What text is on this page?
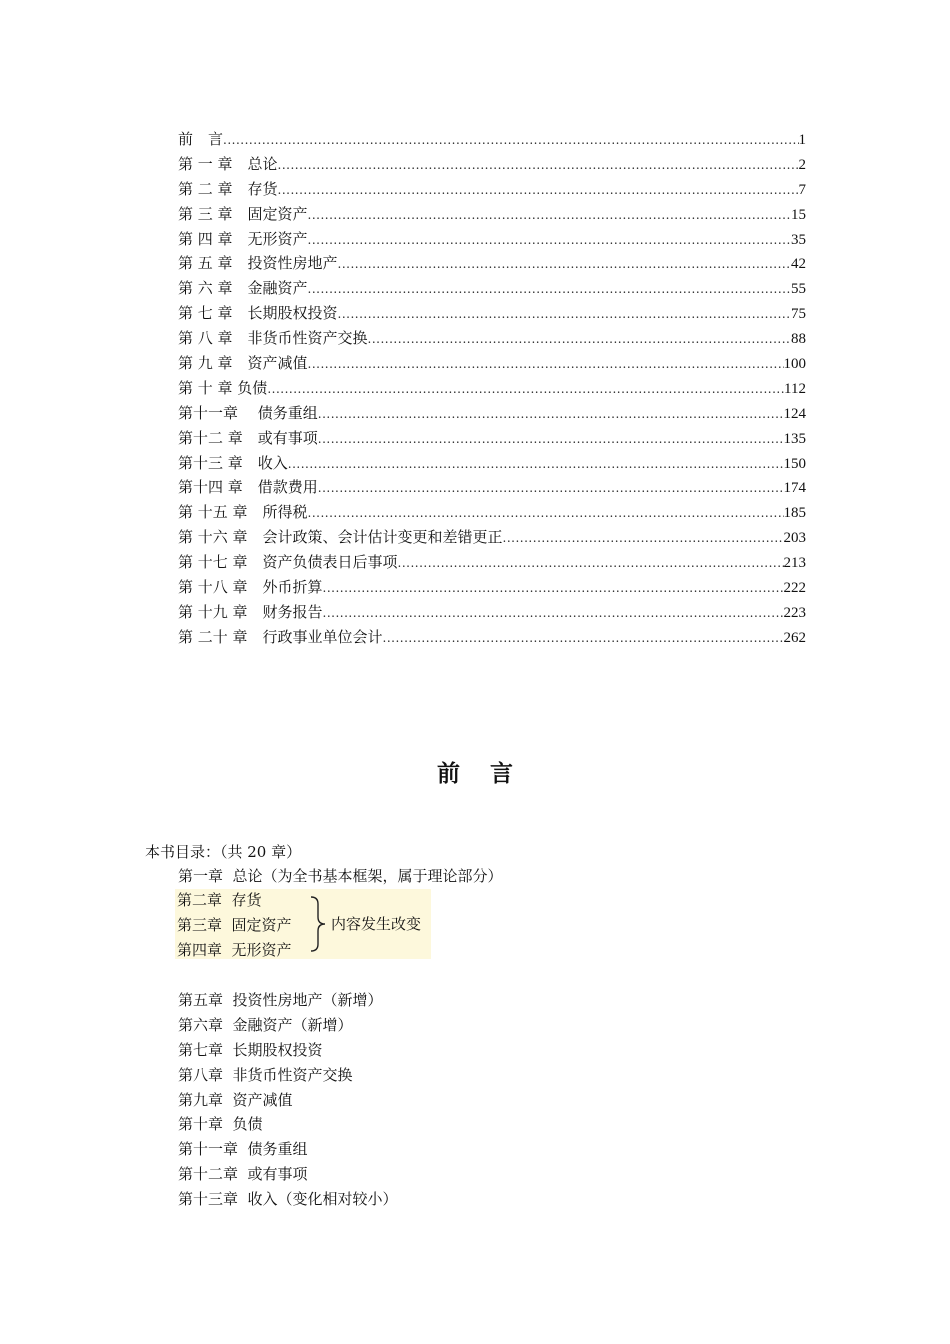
前　言 .....	1
第 一 章　总论 .....	2
第 二 章　存货 .....	7
第 三 章　固定资产 .....	15
第 四 章　无形资产 .....	35
第 五 章　投资性房地产 .....	42
第 六 章　金融资产 .....	55
第 七 章　长期股权投资 .....	75
第 八 章　非货币性资产交换 .....	88
第 九 章　资产减值 .....	100
第 十 章 负债 .....	112
第十一章　 债务重组 .....	124
第十二 章　或有事项 .....	135
第十三 章　收入 .....	150
第十四 章　借款费用 .....	174
第 十五 章　所得税 .....	185
第 十六 章　会计政策、会计估计变更和差错更正 .....	203
第 十七 章　资产负债表日后事项 .....	213
第 十八 章　外币折算 .....	222
第 十九 章　财务报告 .....	223
第 二十 章　行政事业单位会计 .....	262
前言
本书目录：（共 20 章）
第一章  总论（为全书基本框架，属于理论部分）
第二章  存货
第三章  固定资产
第四章  无形资产
内容发生改变
第五章  投资性房地产（新增）
第六章  金融资产（新增）
第七章  长期股权投资
第八章  非货币性资产交换
第九章  资产减值
第十章  负债
第十一章  债务重组
第十二章  或有事项
第十三章  收入（变化相对较小）
